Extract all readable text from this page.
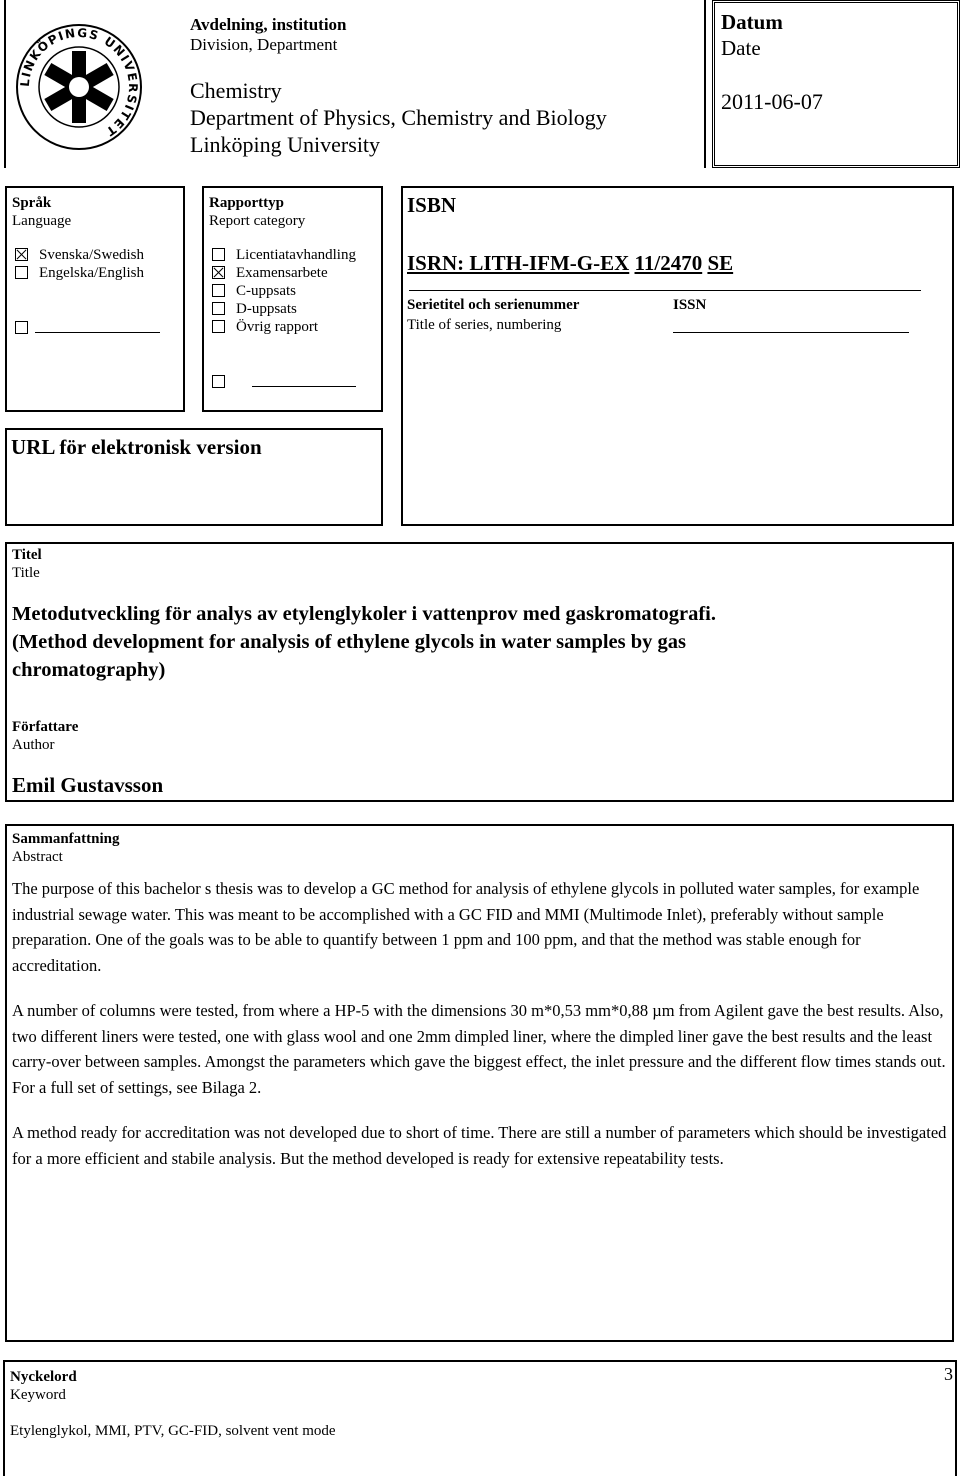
LINKÖPINGS UNIVERSITET
Avdelning, institution
Division, Department
Chemistry
Department of Physics, Chemistry and Biology
Linköping University
Datum
Date
2011-06-07
Språk
Language
Svenska/Swedish
Engelska/English
Rapporttyp
Report category
Licentiatavhandling
Examensarbete
C-uppsats
D-uppsats
Övrig rapport
ISBN
ISRN: LITH-IFM-G-EX 11/2470 SE
Serietitel och serienummer
Title of series, numbering
ISSN
URL för elektronisk version
Titel
Title
Metodutveckling för analys av etylenglykoler i vattenprov med gaskromatografi.
(Method development for analysis of ethylene glycols in water samples by gas
chromatography)
Författare
Author
Emil Gustavsson
Sammanfattning
Abstract

The purpose of this bachelor s thesis was to develop a GC method for analysis of ethylene glycols in polluted water samples, for example industrial sewage water. This was meant to be accomplished with a GC FID and MMI (Multimode Inlet), preferably without sample preparation. One of the goals was to be able to quantify between 1 ppm and 100 ppm, and that the method was stable enough for accreditation.

A number of columns were tested, from where a HP-5 with the dimensions 30 m*0,53 mm*0,88 µm from Agilent gave the best results. Also, two different liners were tested, one with glass wool and one 2mm dimpled liner, where the dimpled liner gave the best results and the least carry-over between samples. Amongst the parameters which gave the biggest effect, the inlet pressure and the different flow times stands out. For a full set of settings, see Bilaga 2.

A method ready for accreditation was not developed due to short of time. There are still a number of parameters which should be investigated for a more efficient and stabile analysis. But the method developed is ready for extensive repeatability tests.

Nyckelord
Keyword
Etylenglykol, MMI, PTV, GC-FID, solvent vent mode
3
